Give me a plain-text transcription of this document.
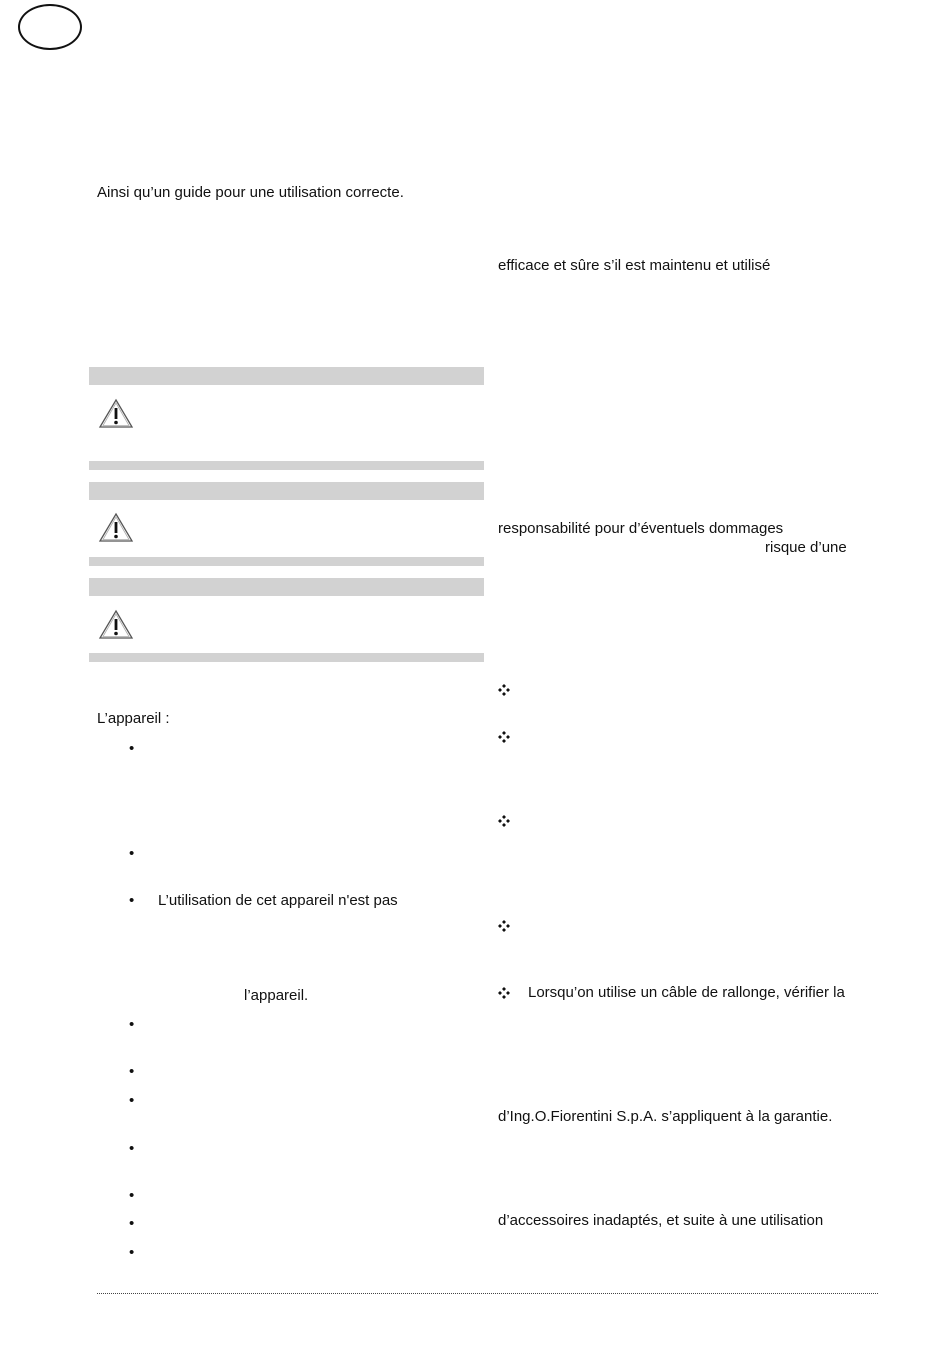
Ainsi qu’un guide pour une utilisation correcte.
L’appareil :
•
•
• L’utilisation de cet appareil n'est pas
l’appareil.
•
•
•
•
•
•
•
efficace et sûre s’il est maintenu et utilisé
responsabilité pour d’éventuels dommages
risque d’une
Lorsqu’on utilise un câble de rallonge, vérifier la
d’Ing.O.Fiorentini S.p.A. s’appliquent à la garantie.
d’accessoires inadaptés, et suite à une utilisation
